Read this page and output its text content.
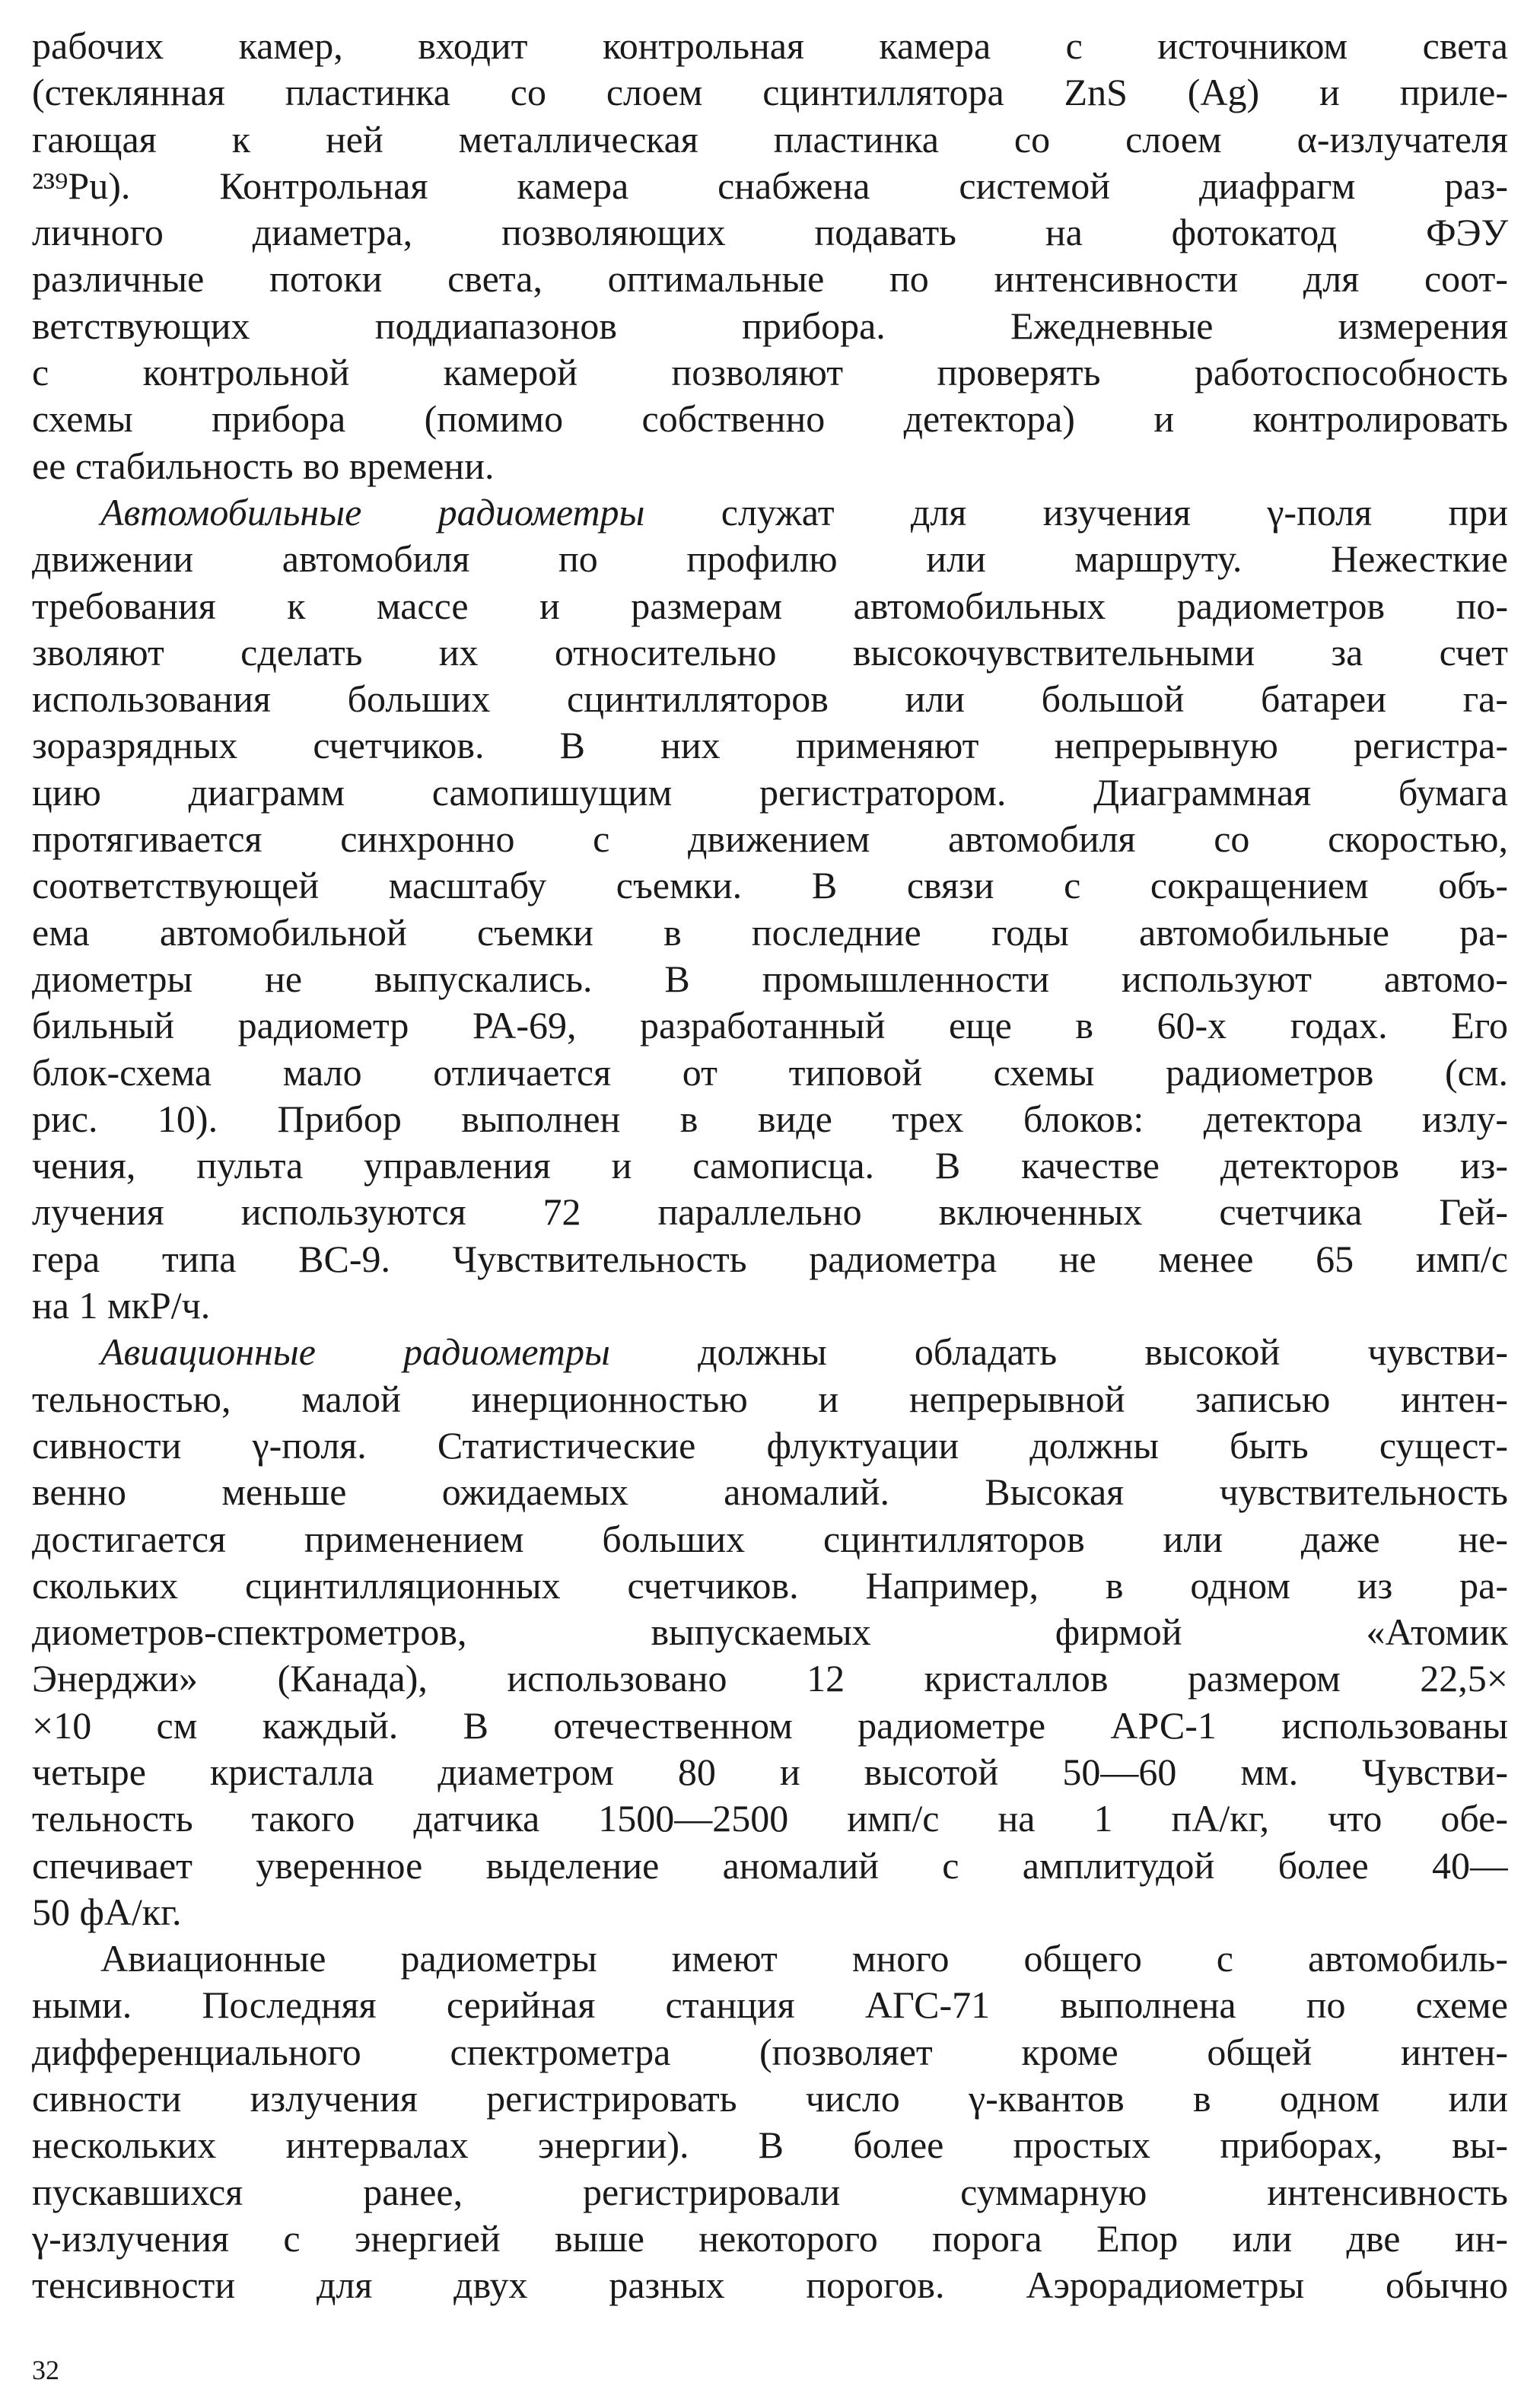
рабочих камер, входит контрольная камера с источником света
(стеклянная пластинка со слоем сцинтиллятора ZnS (Ag) и приле-
гающая к ней металлическая пластинка со слоем α-излучателя
²³⁹Pu). Контрольная камера снабжена системой диафрагм раз-
личного диаметра, позволяющих подавать на фотокатод ФЭУ
различные потоки света, оптимальные по интенсивности для соот-
ветствующих поддиапазонов прибора. Ежедневные измерения
с контрольной камерой позволяют проверять работоспособность
схемы прибора (помимо собственно детектора) и контролировать
ее стабильность во времени.
Автомобильные радиометры служат для изучения γ-поля при
движении автомобиля по профилю или маршруту. Нежесткие
требования к массе и размерам автомобильных радиометров по-
зволяют сделать их относительно высокочувствительными за счет
использования больших сцинтилляторов или большой батареи га-
зоразрядных счетчиков. В них применяют непрерывную регистра-
цию диаграмм самопишущим регистратором. Диаграммная бумага
протягивается синхронно с движением автомобиля со скоростью,
соответствующей масштабу съемки. В связи с сокращением объ-
ема автомобильной съемки в последние годы автомобильные ра-
диометры не выпускались. В промышленности используют автомо-
бильный радиометр РА-69, разработанный еще в 60-х годах. Его
блок-схема мало отличается от типовой схемы радиометров (см.
рис. 10). Прибор выполнен в виде трех блоков: детектора излу-
чения, пульта управления и самописца. В качестве детекторов из-
лучения используются 72 параллельно включенных счетчика Гей-
гера типа ВС-9. Чувствительность радиометра не менее 65 имп/с
на 1 мкР/ч.
Авиационные радиометры должны обладать высокой чувстви-
тельностью, малой инерционностью и непрерывной записью интен-
сивности γ-поля. Статистические флуктуации должны быть сущест-
венно меньше ожидаемых аномалий. Высокая чувствительность
достигается применением больших сцинтилляторов или даже не-
скольких сцинтилляционных счетчиков. Например, в одном из ра-
диометров-спектрометров, выпускаемых фирмой «Атомик
Энерджи» (Канада), использовано 12 кристаллов размером 22,5×
×10 см каждый. В отечественном радиометре АРС-1 использованы
четыре кристалла диаметром 80 и высотой 50—60 мм. Чувстви-
тельность такого датчика 1500—2500 имп/с на 1 пА/кг, что обе-
спечивает уверенное выделение аномалий с амплитудой более 40—
50 фА/кг.
Авиационные радиометры имеют много общего с автомобиль-
ными. Последняя серийная станция АГС-71 выполнена по схеме
дифференциального спектрометра (позволяет кроме общей интен-
сивности излучения регистрировать число γ-квантов в одном или
нескольких интервалах энергии). В более простых приборах, вы-
пускавшихся ранее, регистрировали суммарную интенсивность
γ-излучения с энергией выше некоторого порога Eпор или две ин-
тенсивности для двух разных порогов. Аэрорадиометры обычно
32
